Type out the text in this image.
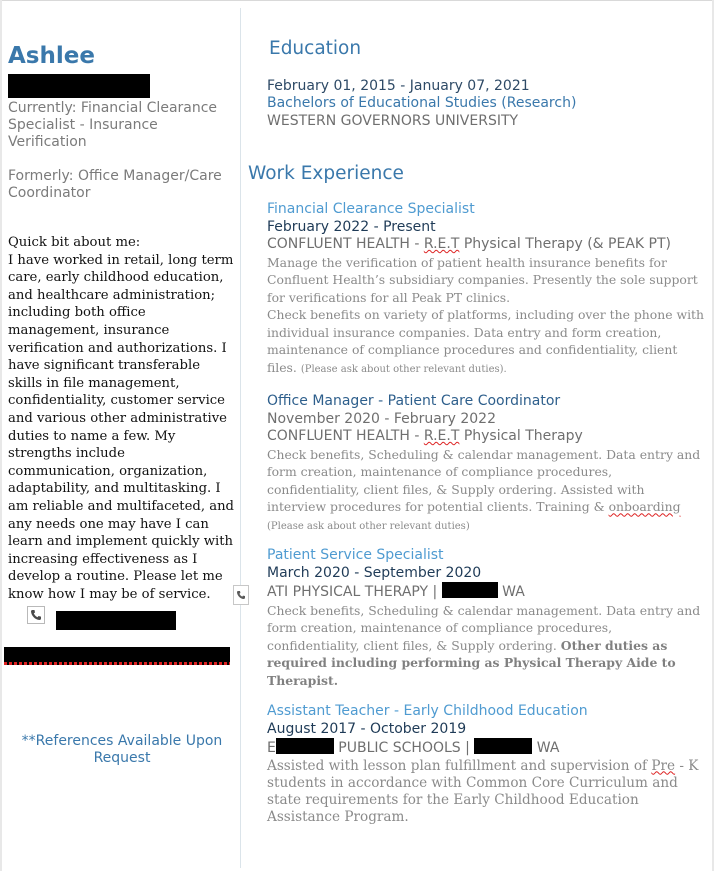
Ashlee
Currently: Financial Clearance Specialist - Insurance Verification
Formerly: Office Manager/Care Coordinator
Quick bit about me:
I have worked in retail, long term care, early childhood education, and healthcare administration; including both office management, insurance verification and authorizations. I have significant transferable skills in file management, confidentiality, customer service and various other administrative duties to name a few. My strengths include communication, organization, adaptability, and multitasking. I am reliable and multifaceted, and any needs one may have I can learn and implement quickly with increasing effectiveness as I develop a routine. Please let me know how I may be of service.
**References Available Upon Request
Education
February 01, 2015 - January 07, 2021
Bachelors of Educational Studies (Research)
WESTERN GOVERNORS UNIVERSITY
Work Experience
Financial Clearance Specialist
February 2022 - Present
CONFLUENT HEALTH - R.E.T Physical Therapy (& PEAK PT)
Manage the verification of patient health insurance benefits for Confluent Health’s subsidiary companies. Presently the sole support for verifications for all Peak PT clinics.
Check benefits on variety of platforms, including over the phone with individual insurance companies. Data entry and form creation, maintenance of compliance procedures and confidentiality, client files. (Please ask about other relevant duties).
Office Manager - Patient Care Coordinator
November 2020 - February 2022
CONFLUENT HEALTH - R.E.T Physical Therapy
Check benefits, Scheduling & calendar management. Data entry and form creation, maintenance of compliance procedures, confidentiality, client files, & Supply ordering. Assisted with interview procedures for potential clients. Training & onboarding
(Please ask about other relevant duties)
Patient Service Specialist
March 2020 - September 2020
ATI PHYSICAL THERAPY |	WA
Check benefits, Scheduling & calendar management. Data entry and form creation, maintenance of compliance procedures, confidentiality, client files, & Supply ordering. Other duties as required including performing as Physical Therapy Aide to Therapist.
Assistant Teacher - Early Childhood Education
August 2017 - October 2019
E	PUBLIC SCHOOLS |	WA
Assisted with lesson plan fulfillment and supervision of Pre - K students in accordance with Common Core Curriculum and state requirements for the Early Childhood Education Assistance Program.
